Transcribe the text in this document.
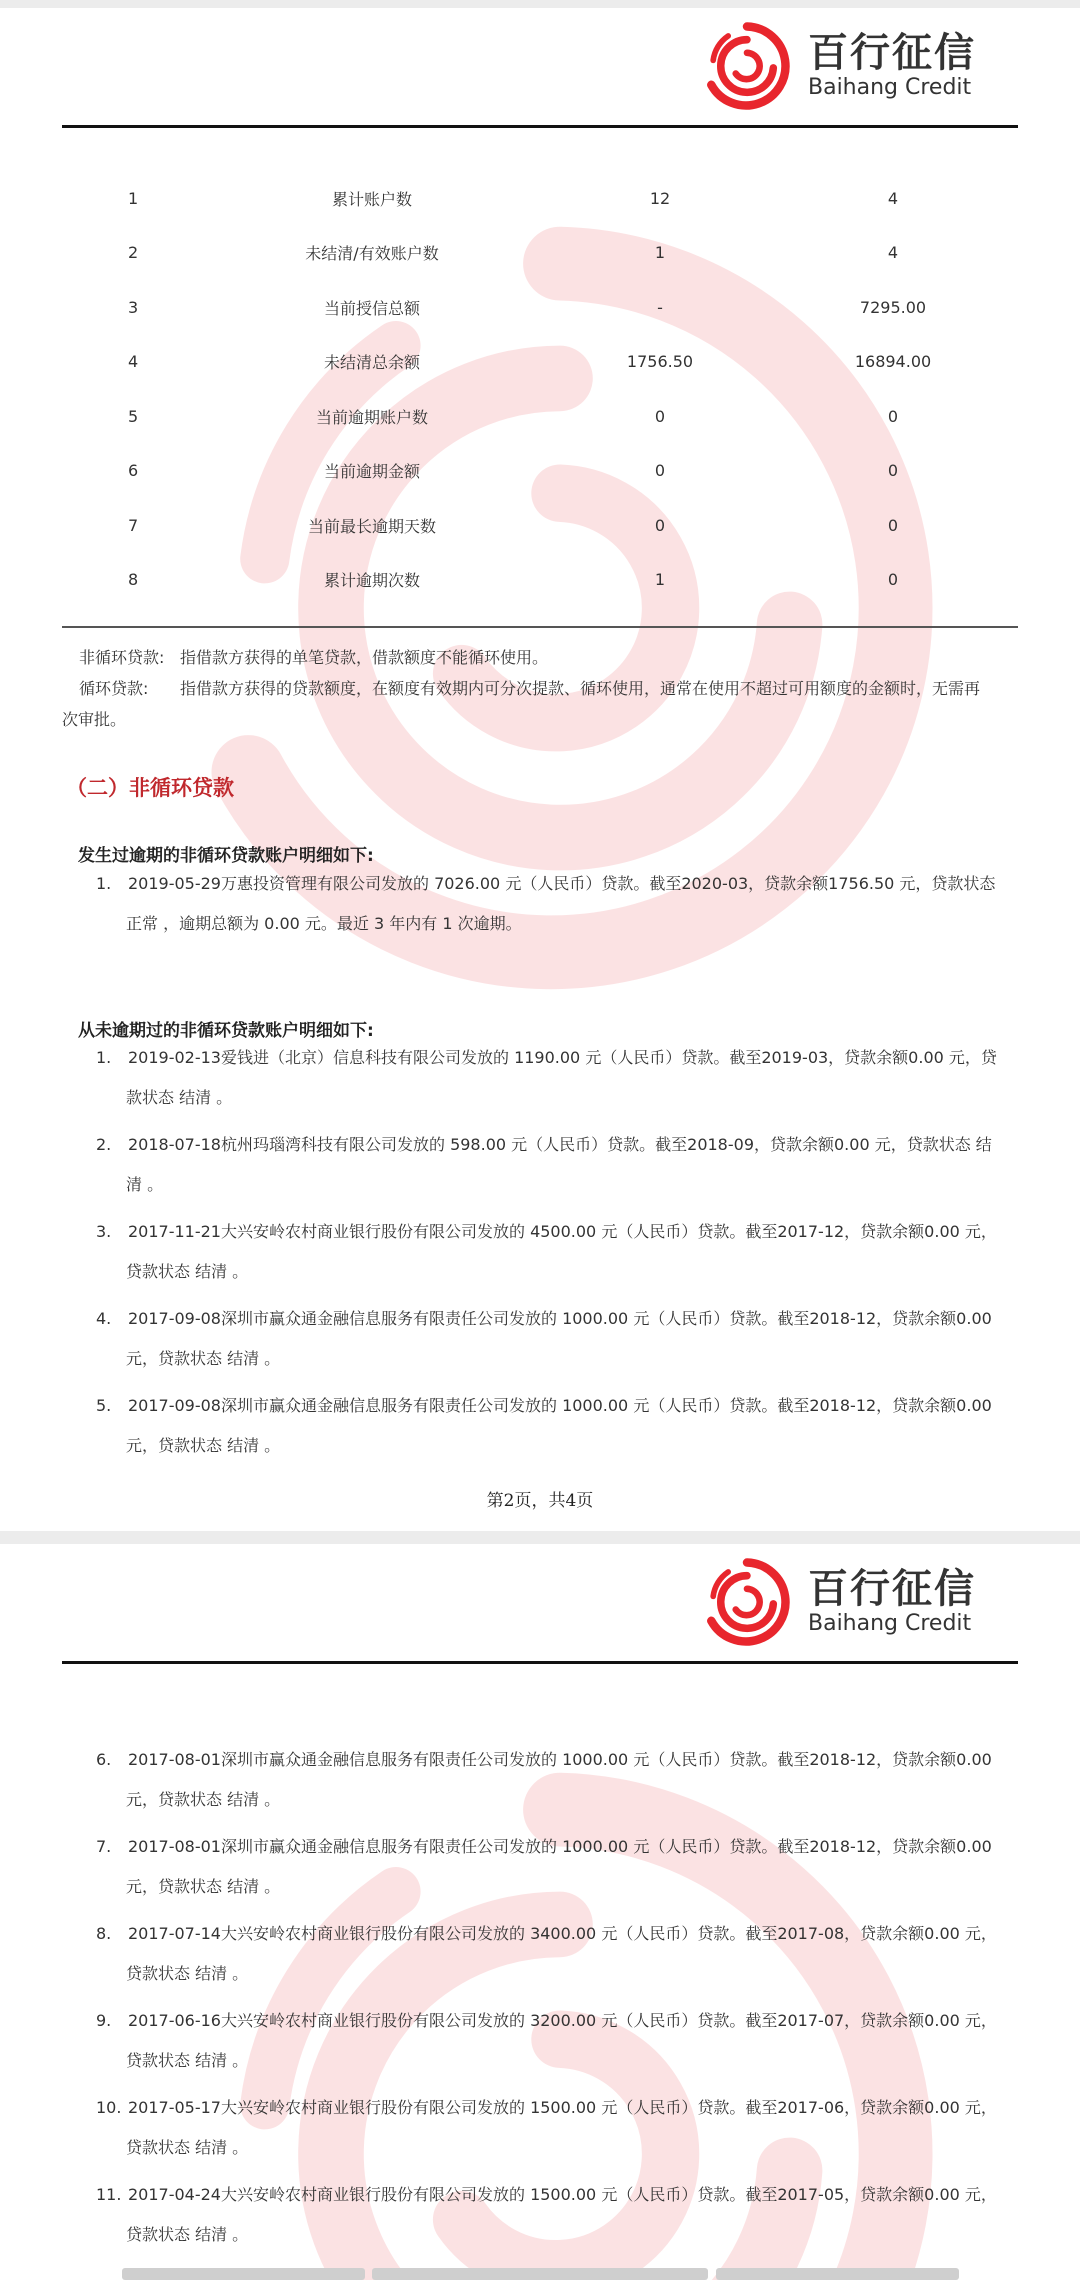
百行征信
Baihang Credit
1	累计账户数	12	4
2	未结清/有效账户数	1	4
3	当前授信总额	-	7295.00
4	未结清总余额	1756.50	16894.00
5	当前逾期账户数	0	0
6	当前逾期金额	0	0
7	当前最长逾期天数	0	0
8	累计逾期次数	1	0
非循环贷款: 指借款方获得的单笔贷款，借款额度不能循环使用。
循环贷款: 指借款方获得的贷款额度，在额度有效期内可分次提款、循环使用，通常在使用不超过可用额度的金额时，无需再
次审批。
（二）非循环贷款
发生过逾期的非循环贷款账户明细如下:
1. 2019-05-29万惠投资管理有限公司发放的 7026.00 元（人民币）贷款。截至2020-03，贷款余额1756.50 元，贷款状态
正常 ，逾期总额为 0.00 元。最近 3 年内有 1 次逾期。
从未逾期过的非循环贷款账户明细如下:
1. 2019-02-13爱钱进（北京）信息科技有限公司发放的 1190.00 元（人民币）贷款。截至2019-03，贷款余额0.00 元，贷
款状态 结清 。
2. 2018-07-18杭州玛瑙湾科技有限公司发放的 598.00 元（人民币）贷款。截至2018-09，贷款余额0.00 元，贷款状态 结
清 。
3. 2017-11-21大兴安岭农村商业银行股份有限公司发放的 4500.00 元（人民币）贷款。截至2017-12，贷款余额0.00 元，
贷款状态 结清 。
4. 2017-09-08深圳市赢众通金融信息服务有限责任公司发放的 1000.00 元（人民币）贷款。截至2018-12，贷款余额0.00
元，贷款状态 结清 。
5. 2017-09-08深圳市赢众通金融信息服务有限责任公司发放的 1000.00 元（人民币）贷款。截至2018-12，贷款余额0.00
元，贷款状态 结清 。
第2页，共4页
百行征信
Baihang Credit
6. 2017-08-01深圳市赢众通金融信息服务有限责任公司发放的 1000.00 元（人民币）贷款。截至2018-12，贷款余额0.00
元，贷款状态 结清 。
7. 2017-08-01深圳市赢众通金融信息服务有限责任公司发放的 1000.00 元（人民币）贷款。截至2018-12，贷款余额0.00
元，贷款状态 结清 。
8. 2017-07-14大兴安岭农村商业银行股份有限公司发放的 3400.00 元（人民币）贷款。截至2017-08，贷款余额0.00 元，
贷款状态 结清 。
9. 2017-06-16大兴安岭农村商业银行股份有限公司发放的 3200.00 元（人民币）贷款。截至2017-07，贷款余额0.00 元，
贷款状态 结清 。
10. 2017-05-17大兴安岭农村商业银行股份有限公司发放的 1500.00 元（人民币）贷款。截至2017-06，贷款余额0.00 元，
贷款状态 结清 。
11. 2017-04-24大兴安岭农村商业银行股份有限公司发放的 1500.00 元（人民币）贷款。截至2017-05，贷款余额0.00 元，
贷款状态 结清 。
